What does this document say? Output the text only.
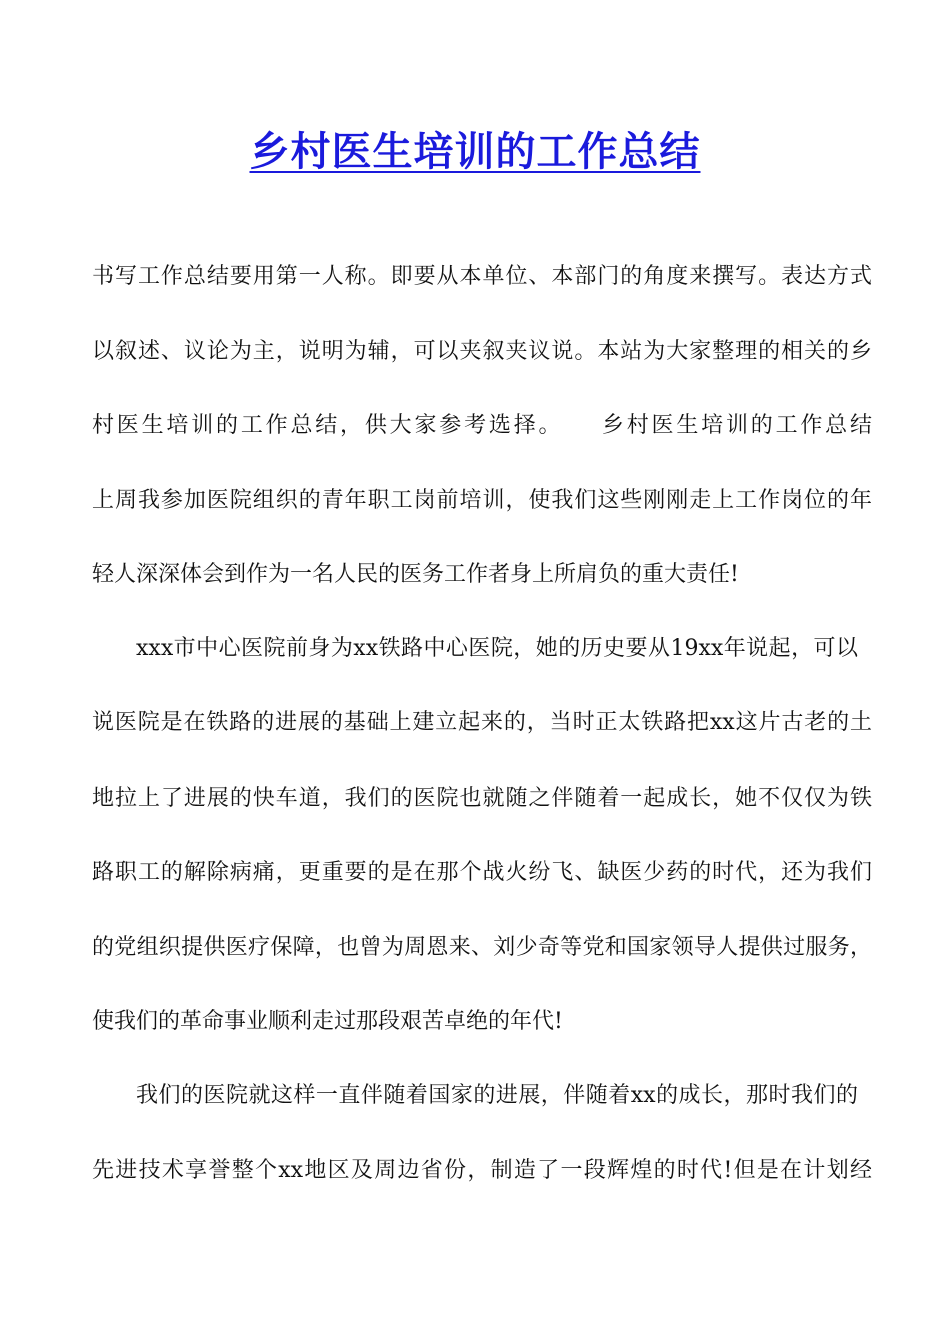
乡村医生培训的工作总结
书写工作总结要用第一人称。即要从本单位、本部门的角度来撰写。表达方式
以叙述、议论为主，说明为辅，可以夹叙夹议说。本站为大家整理的相关的乡
村医生培训的工作总结，供大家参考选择。　　乡村医生培训的工作总结
上周我参加医院组织的青年职工岗前培训，使我们这些刚刚走上工作岗位的年
轻人深深体会到作为一名人民的医务工作者身上所肩负的重大责任!
xxx市中心医院前身为xx铁路中心医院，她的历史要从19xx年说起，可以
说医院是在铁路的进展的基础上建立起来的，当时正太铁路把xx这片古老的土
地拉上了进展的快车道，我们的医院也就随之伴随着一起成长，她不仅仅为铁
路职工的解除病痛，更重要的是在那个战火纷飞、缺医少药的时代，还为我们
的党组织提供医疗保障，也曾为周恩来、刘少奇等党和国家领导人提供过服务，
使我们的革命事业顺利走过那段艰苦卓绝的年代!
我们的医院就这样一直伴随着国家的进展，伴随着xx的成长，那时我们的
先进技术享誉整个xx地区及周边省份，制造了一段辉煌的时代!但是在计划经
